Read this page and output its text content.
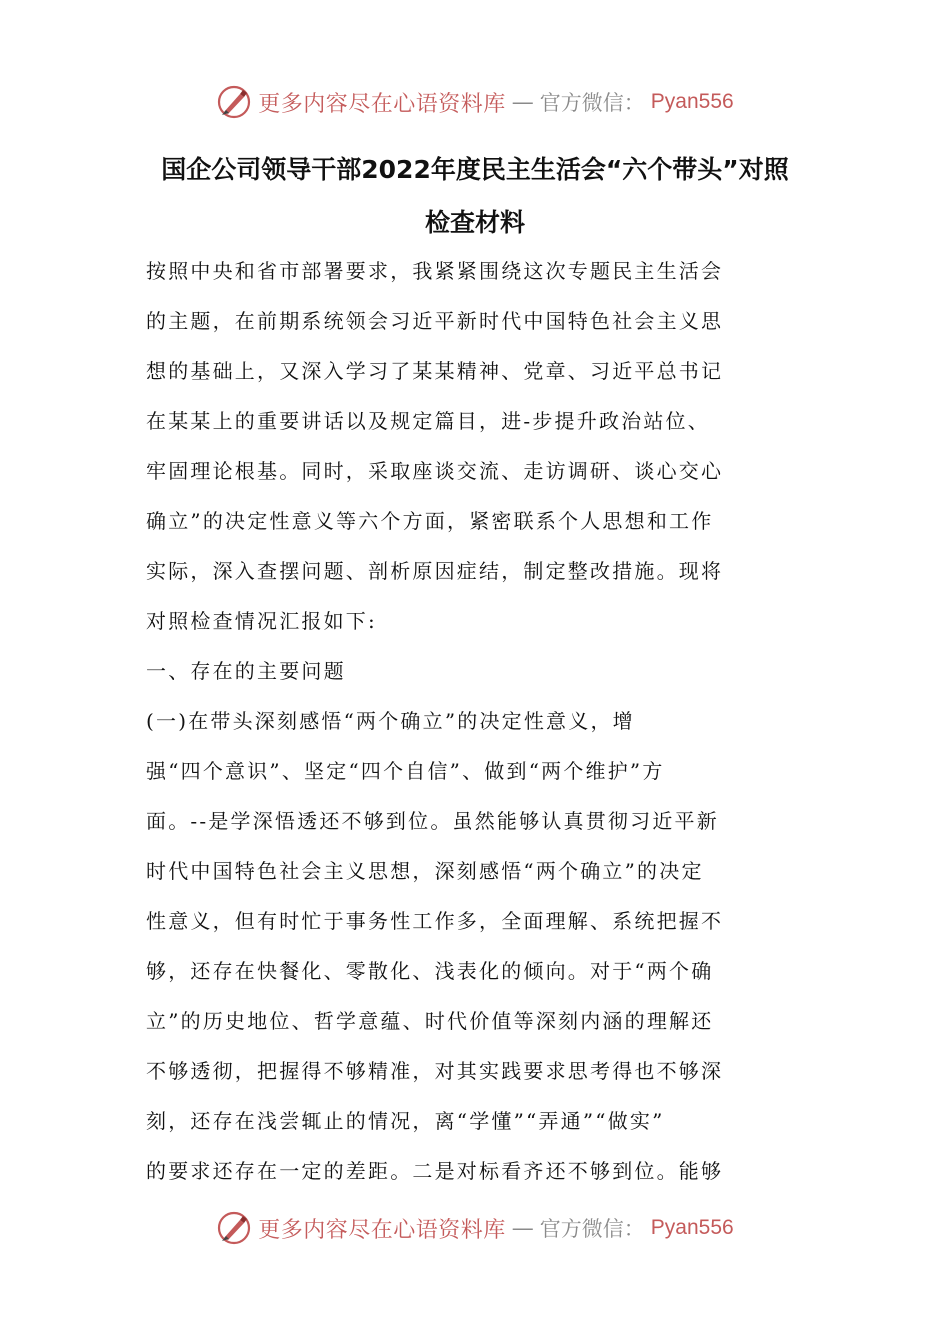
更多内容尽在心语资料库 — 官方微信： Pyan556
国企公司领导干部2022年度民主生活会“六个带头”对照
检查材料
按照中央和省市部署要求，我紧紧围绕这次专题民主生活会
的主题，在前期系统领会习近平新时代中国特色社会主义思
想的基础上，又深入学习了某某精神、党章、习近平总书记
在某某上的重要讲话以及规定篇目，进-步提升政治站位、
牢固理论根基。同时，采取座谈交流、走访调研、谈心交心
确立”的决定性意义等六个方面，紧密联系个人思想和工作
实际，深入查摆问题、剖析原因症结，制定整改措施。现将
对照检查情况汇报如下:
一、存在的主要问题
(一)在带头深刻感悟“两个确立”的决定性意义，增
强“四个意识”、坚定“四个自信”、做到“两个维护”方
面。--是学深悟透还不够到位。虽然能够认真贯彻习近平新
时代中国特色社会主义思想，深刻感悟“两个确立”的决定
性意义，但有时忙于事务性工作多，全面理解、系统把握不
够，还存在快餐化、零散化、浅表化的倾向。对于“两个确
立”的历史地位、哲学意蕴、时代价值等深刻内涵的理解还
不够透彻，把握得不够精准，对其实践要求思考得也不够深
刻，还存在浅尝辄止的情况，离“学懂”“弄通”“做实”
的要求还存在一定的差距。二是对标看齐还不够到位。能够
更多内容尽在心语资料库 — 官方微信： Pyan556
